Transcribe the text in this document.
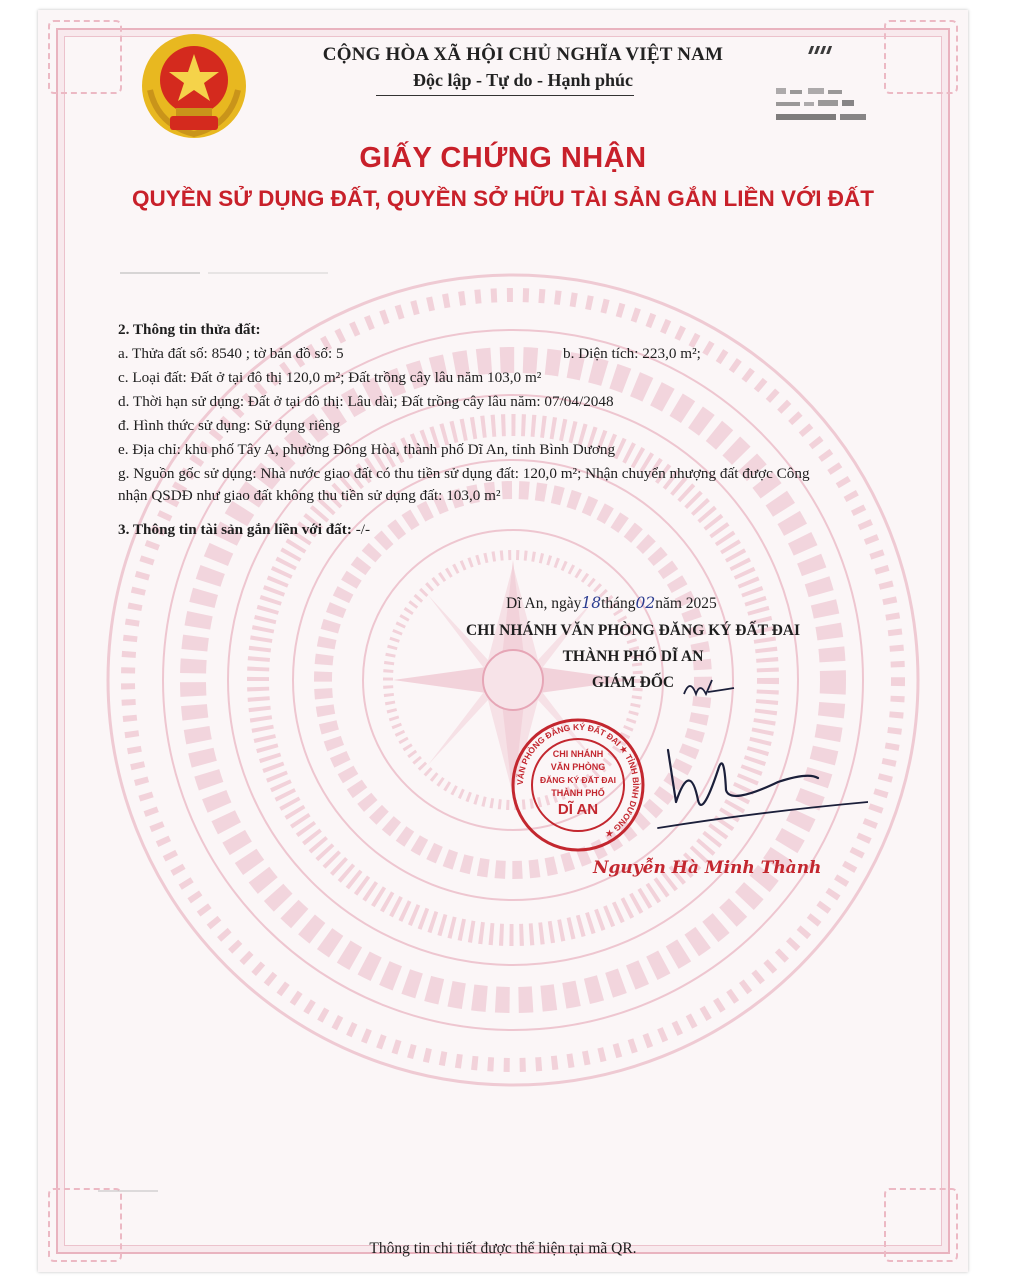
CỘNG HÒA XÃ HỘI CHỦ NGHĨA VIỆT NAM
Độc lập - Tự do - Hạnh phúc
GIẤY CHỨNG NHẬN
QUYỀN SỬ DỤNG ĐẤT, QUYỀN SỞ HỮU TÀI SẢN GẮN LIỀN VỚI ĐẤT
2. Thông tin thửa đất:
a. Thửa đất số: 8540 ; tờ bản đồ số: 5	b. Diện tích: 223,0 m²;
c. Loại đất: Đất ở tại đô thị 120,0 m²; Đất trồng cây lâu năm 103,0 m²
d. Thời hạn sử dụng: Đất ở tại đô thị: Lâu dài; Đất trồng cây lâu năm: 07/04/2048
đ. Hình thức sử dụng: Sử dụng riêng
e. Địa chỉ: khu phố Tây A, phường Đông Hòa, thành phố Dĩ An, tỉnh Bình Dương
g. Nguồn gốc sử dụng: Nhà nước giao đất có thu tiền sử dụng đất: 120,0 m²; Nhận chuyển nhượng đất được Công
nhận QSDĐ như giao đất không thu tiền sử dụng đất: 103,0 m²
3. Thông tin tài sản gắn liền với đất: -/-
Dĩ An, ngày18tháng02năm 2025
CHI NHÁNH VĂN PHÒNG ĐĂNG KÝ ĐẤT ĐAI
THÀNH PHỐ DĨ AN
GIÁM ĐỐC
CHI NHÁNH
VĂN PHÒNG
ĐĂNG KÝ ĐẤT ĐAI
THÀNH PHỐ
DĨ AN
VĂN PHÒNG ĐĂNG KÝ ĐẤT ĐAI ★ TỈNH BÌNH DƯƠNG ★
Nguyễn Hà Minh Thành
Thông tin chi tiết được thể hiện tại mã QR.
